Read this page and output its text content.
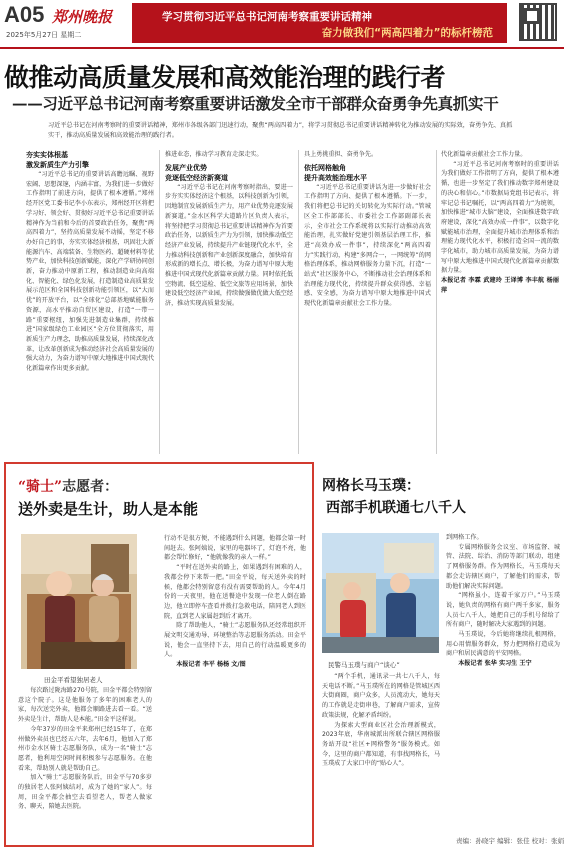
A05 郑州晚报
2025年5月27日 星期二
学习贯彻习近平总书记河南考察重要讲话精神
奋力做我们“两高四着力”的标杆榜范
做推动高质量发展和高效能治理的践行者
——习近平总书记河南考察重要讲话激发全市干部群众奋勇争先真抓实干
习近平总书记在河南考察时的重要讲话精神，郑州市各级各部门迅速行动，聚焦“两高四着力”，将学习贯彻总书记重要讲话精神转化为推动发展的实际效，奋勇争先、真抓实干，推动高质量发展和高效能治理的践行者。
夯实实体根基
激发新质生产力引擎

“习近平总书记的重要讲话高瞻远瞩、视野宏阔、思想深邃，内涵丰富，为我们进一步做好工作指明了前进方向，提供了根本遵循。”郑州经开区党工委书记李小东表示，郑州经开区将把学习好、领会好、贯彻好习近平总书记重要讲话精神作为当前和今后的首要政治任务，聚焦“两高四着力”，坚持高质量发展不动摇，坚定不移办好自己的事，夯实实体经济根基，巩固壮大新能源汽车、高端装备、生物医药、超硬材料等优势产业，加快科技创新赋能，深化产学研协同创新，奋力推动中原新工程，推动制造业向高端化、智能化、绿色化发展，打造制造业高质量发展示范区和全国科技创新功能引领区，以“大而优”的开放平台，以“全球化”总部基地赋能服务资源，高水平推动自贸区建设，打造“一带一路”重要枢纽，加强先进制造业集群，持续推进“国家级绿色工业园区”全方位贯彻落实，用新质生产力理念，助推高质量发展，持续深化改革，让改革创新成为推动经济社会高质量发展的强大动力，为奋力谱写中原大地推进中国式现代化新篇章作出更多贡献。

推进业态，推动学习教育走深走实。

发展产业优势
竞逐低空经济新赛道

“习近平总书记在河南考察时指出，要进一步夯实实体经济这个根基，以科技创新为引领，因地制宜发展新质生产力，用产业优势竞逐发展新赛道。”金水区科学大道路片区负责人表示，将坚持把学习贯彻总书记重要讲话精神作为首要政治任务，以新质生产力为引领，加快推动低空经济产业发展，持续提升产业链现代化水平，全力推动科技创新和产业创新深度融合，加快培育形成新的增长点、增长极，为奋力谱写中原大地推进中国式现代化新篇章贡献力量。同时依托低空物流、低空巡检、低空文旅等应用场景，加快建设低空经济产业园，持续做强做优做大低空经济，推动实现高质量发展。

具上勇挑重担、奋勇争先。

依托网格触角
提升高效能治理水平

“习近平总书记重要讲话为进一步做好社会工作指明了方向、提供了根本遵循。下一步，我们将把总书记的关切转化为实际行动。”管城区全工作部部长、市委社会工作部副部长表示，全市社会工作系统将以实际行动推动高效能治理，扎实做好党建引领基层治理工作，推进“高效办成一件事”，持续深化“两高四着力”实践行动，构建“多网合一，一网统筹”的网格治理体系，推动网格服务力量下沉，打造“一站式”社区服务中心，不断推动社会治理体系和治理能力现代化，持续提升群众获得感、幸福感、安全感，为奋力谱写中原大地推进中国式现代化新篇章贡献社会工作力量。

代化新篇章贡献社会工作力量。

“习近平总书记河南考察时的重要讲话为我们做好工作指明了方向，提供了根本遵循，也进一步坚定了我们推动数字郑州建设的决心和信心。”市数据局党组书记表示，将牢记总书记嘱托，以“两高四着力”为统领，加快推进“城市大脑”建设，全面推进数字政府建设，深化“高效办成一件事”，以数字化赋能城市治理，全面提升城市治理体系和治理能力现代化水平，积极打造全国一流的数字化城市，助力城市高质量发展，为奋力谱写中原大地推进中国式现代化新篇章贡献数据力量。

本报记者 李霖 武建玲 王译博 李丰航 杨丽萍

“骑士”志愿者：
送外卖是生计，助人是本能
田金平看望独居老人

每次路过陇海路270号院，田金平都会特别留意这个院子。这是他服务了多年的困难老人的家，每次送完外卖，他都会顺路进去看一看。“送外卖是生计，帮助人是本能。”田金平这样说。

今年37岁的田金平来郑州已经15年了，在郑州做外卖员也已经五六年，去年6月，他加入了郑州市金水区骑士志愿服务队，成为一名“骑士”志愿者，他利用空闲时间积极参与志愿服务。在他看来，帮助别人就是帮助自己。

加入“骑士”志愿服务队后，田金平与70多岁的独居老人张阿姨结对，成为了她的“家人”。每周，田金平都会抽空去看望老人，帮老人做家务、聊天，陪她去医院。

行动不是很方便，不能遇到什么问题，他都会第一时间赶去。张阿姨说，家里的电器坏了，灯泡不亮，他都会帮忙修好，“他就像我的亲人一样。”

“平时在送外卖的路上，如果遇到有困难的人，我都会停下来帮一把。”田金平说，每天送外卖的时候，他都会特别留意有没有需要帮助的人。今年4月份的一天夜里，他在送餐途中发现一位老人倒在路边，他立即停车查看并拨打急救电话，陪同老人到医院，直到老人家属赶到后才离开。

除了帮助他人，“骑士”志愿服务队还经常组织开展文明交通劝导、环境整治等志愿服务活动。田金平说，他会一直坚持下去，用自己的行动温暖更多的人。

本报记者 李平 杨杨 文/图

网格长马玉璞：
西部手机联通七八千人
民警马玉璞与商户“谈心”

“两个手机，通讯录一共七八千人，每天电话不断。”马玉璞所在的网格是管城区西大街商圈，商户众多，人员流动大，她每天的工作就是走街串巷，了解商户需求，宣传政策法规，化解矛盾纠纷。

为探索大型商业区社会治理新模式，2023年底，华南城派出所联合辖区网格服务站开设“社区+网格警务”服务模式。如今，这里的商户都知道，有事找网格长，马玉璞成了大家口中的“贴心人”。

到网格工作。

专属网格服务会议室、市场监督、城管、法院、综治、消防等部门联动，组建了网格服务群。作为网格长，马玉璞每天都会走访辖区商户，了解他们的需求，帮助他们解决实际问题。

“网格虽小，连着千家万户。”马玉璞说，她负责的网格有商户两千多家，服务人员七八千人，她把自己的手机号留给了所有商户，随时解决大家遇到的问题。

马玉璞说，今后她将继续扎根网格，用心用情服务群众，努力把网格打造成为商户和居民满意的平安网格。

本报记者 张华 实习生 王宁

责编：孙晓宇 编辑：张佳 校对：张娟
